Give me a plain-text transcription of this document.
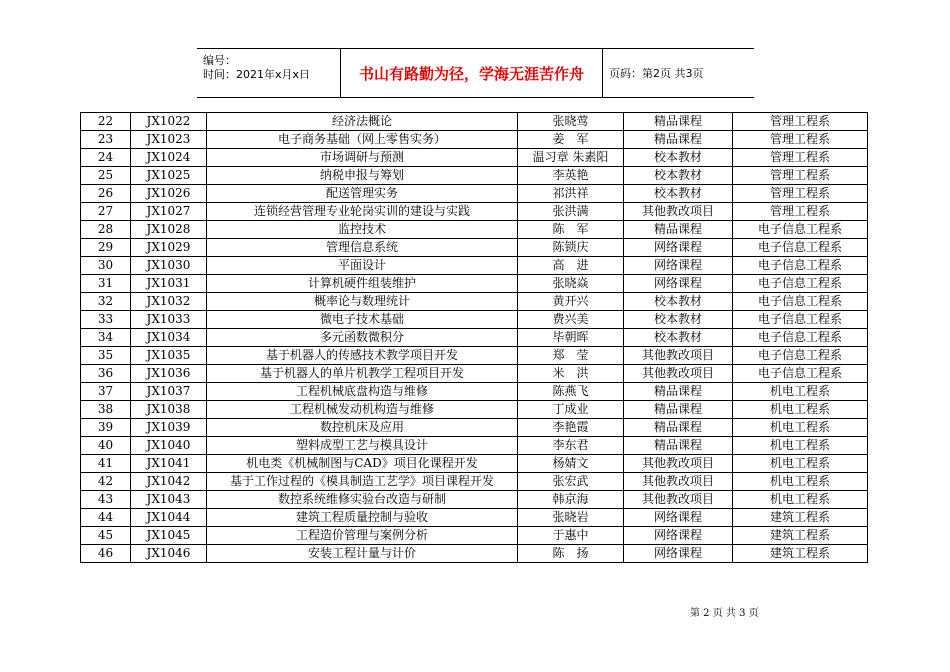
编号：
时间：2021年x月x日	书山有路勤为径，学海无涯苦作舟	页码：第2页 共3页
22	JX1022	经济法概论	张晓莺	精品课程	管理工程系
23	JX1023	电子商务基础（网上零售实务）	姜　军	精品课程	管理工程系
24	JX1024	市场调研与预测	温习章 朱素阳	校本教材	管理工程系
25	JX1025	纳税申报与筹划	李英艳	校本教材	管理工程系
26	JX1026	配送管理实务	祁洪祥	校本教材	管理工程系
27	JX1027	连锁经营管理专业轮岗实训的建设与实践	张洪满	其他教改项目	管理工程系
28	JX1028	监控技术	陈　军	精品课程	电子信息工程系
29	JX1029	管理信息系统	陈锁庆	网络课程	电子信息工程系
30	JX1030	平面设计	高　进	网络课程	电子信息工程系
31	JX1031	计算机硬件组装维护	张晓焱	网络课程	电子信息工程系
32	JX1032	概率论与数理统计	黄开兴	校本教材	电子信息工程系
33	JX1033	微电子技术基础	费兴美	校本教材	电子信息工程系
34	JX1034	多元函数微积分	毕朝晖	校本教材	电子信息工程系
35	JX1035	基于机器人的传感技术教学项目开发	郑　莹	其他教改项目	电子信息工程系
36	JX1036	基于机器人的单片机教学工程项目开发	米　洪	其他教改项目	电子信息工程系
37	JX1037	工程机械底盘构造与维修	陈燕飞	精品课程	机电工程系
38	JX1038	工程机械发动机构造与维修	丁成业	精品课程	机电工程系
39	JX1039	数控机床及应用	李艳霞	精品课程	机电工程系
40	JX1040	塑料成型工艺与模具设计	李东君	精品课程	机电工程系
41	JX1041	机电类《机械制图与CAD》项目化课程开发	杨婧文	其他教改项目	机电工程系
42	JX1042	基于工作过程的《模具制造工艺学》项目课程开发	张宏武	其他教改项目	机电工程系
43	JX1043	数控系统维修实验台改造与研制	韩京海	其他教改项目	机电工程系
44	JX1044	建筑工程质量控制与验收	张晓岩	网络课程	建筑工程系
45	JX1045	工程造价管理与案例分析	于惠中	网络课程	建筑工程系
46	JX1046	安装工程计量与计价	陈　扬	网络课程	建筑工程系
第 2 页 共 3 页
